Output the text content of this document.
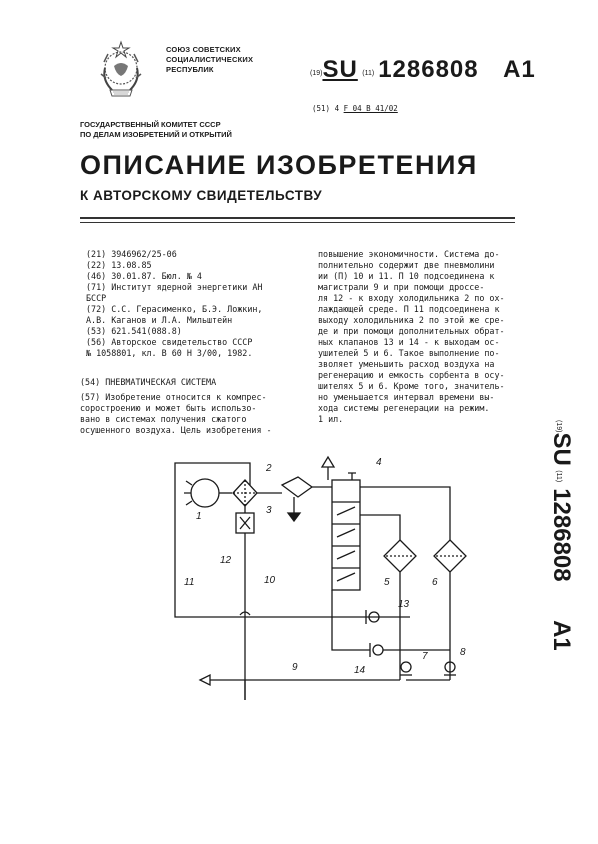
СОЮЗ СОВЕТСКИХ
СОЦИАЛИСТИЧЕСКИХ
РЕСПУБЛИК	(19)SU (11) 1286808 A1
(51) 4 F 04 B 41/02
ГОСУДАРСТВЕННЫЙ КОМИТЕТ СССР
ПО ДЕЛАМ ИЗОБРЕТЕНИЙ И ОТКРЫТИЙ
ОПИСАНИЕ ИЗОБРЕТЕНИЯ
К АВТОРСКОМУ СВИДЕТЕЛЬСТВУ
(21) 3946962/25-06
(22) 13.08.85
(46) 30.01.87. Бюл. № 4
(71) Институт ядерной энергетики АН
БССР
(72) С.С. Герасименко, Б.Э. Ложкин,
А.В. Каганов и Л.А. Мильштейн
(53) 621.541(088.8)
(56) Авторское свидетельство СССР
№ 1058801, кл. В 60 Н 3/00, 1982.
(54) ПНЕВМАТИЧЕСКАЯ СИСТЕМА
(57) Изобретение относится к компрес-
соростроению и может быть использо-
вано в системах получения сжатого
осушенного воздуха. Цель изобретения -
повышение экономичности. Система до-
полнительно содержит две пневмолини
ии (П) 10 и 11. П 10 подсоединена к
магистрали 9 и при помощи дроссе-
ля 12 - к входу холодильника 2 по ох-
лаждающей среде. П 11 подсоединена к
выходу холодильника 2 по этой же сре-
де и при помощи дополнительных обрат-
ных клапанов 13 и 14 - к выходам ос-
ушителей 5 и 6. Такое выполнение по-
зволяет уменьшить расход воздуха на
регенерацию и емкость сорбента в осу-
шителях 5 и 6. Кроме того, значитель-
но уменьшается интервал времени вы-
хода системы регенерации на режим.
1 ил.
(19)SU (11)1286808 A1
1
2
3
4
5	6
7	8
9
10
11
12
13
14
